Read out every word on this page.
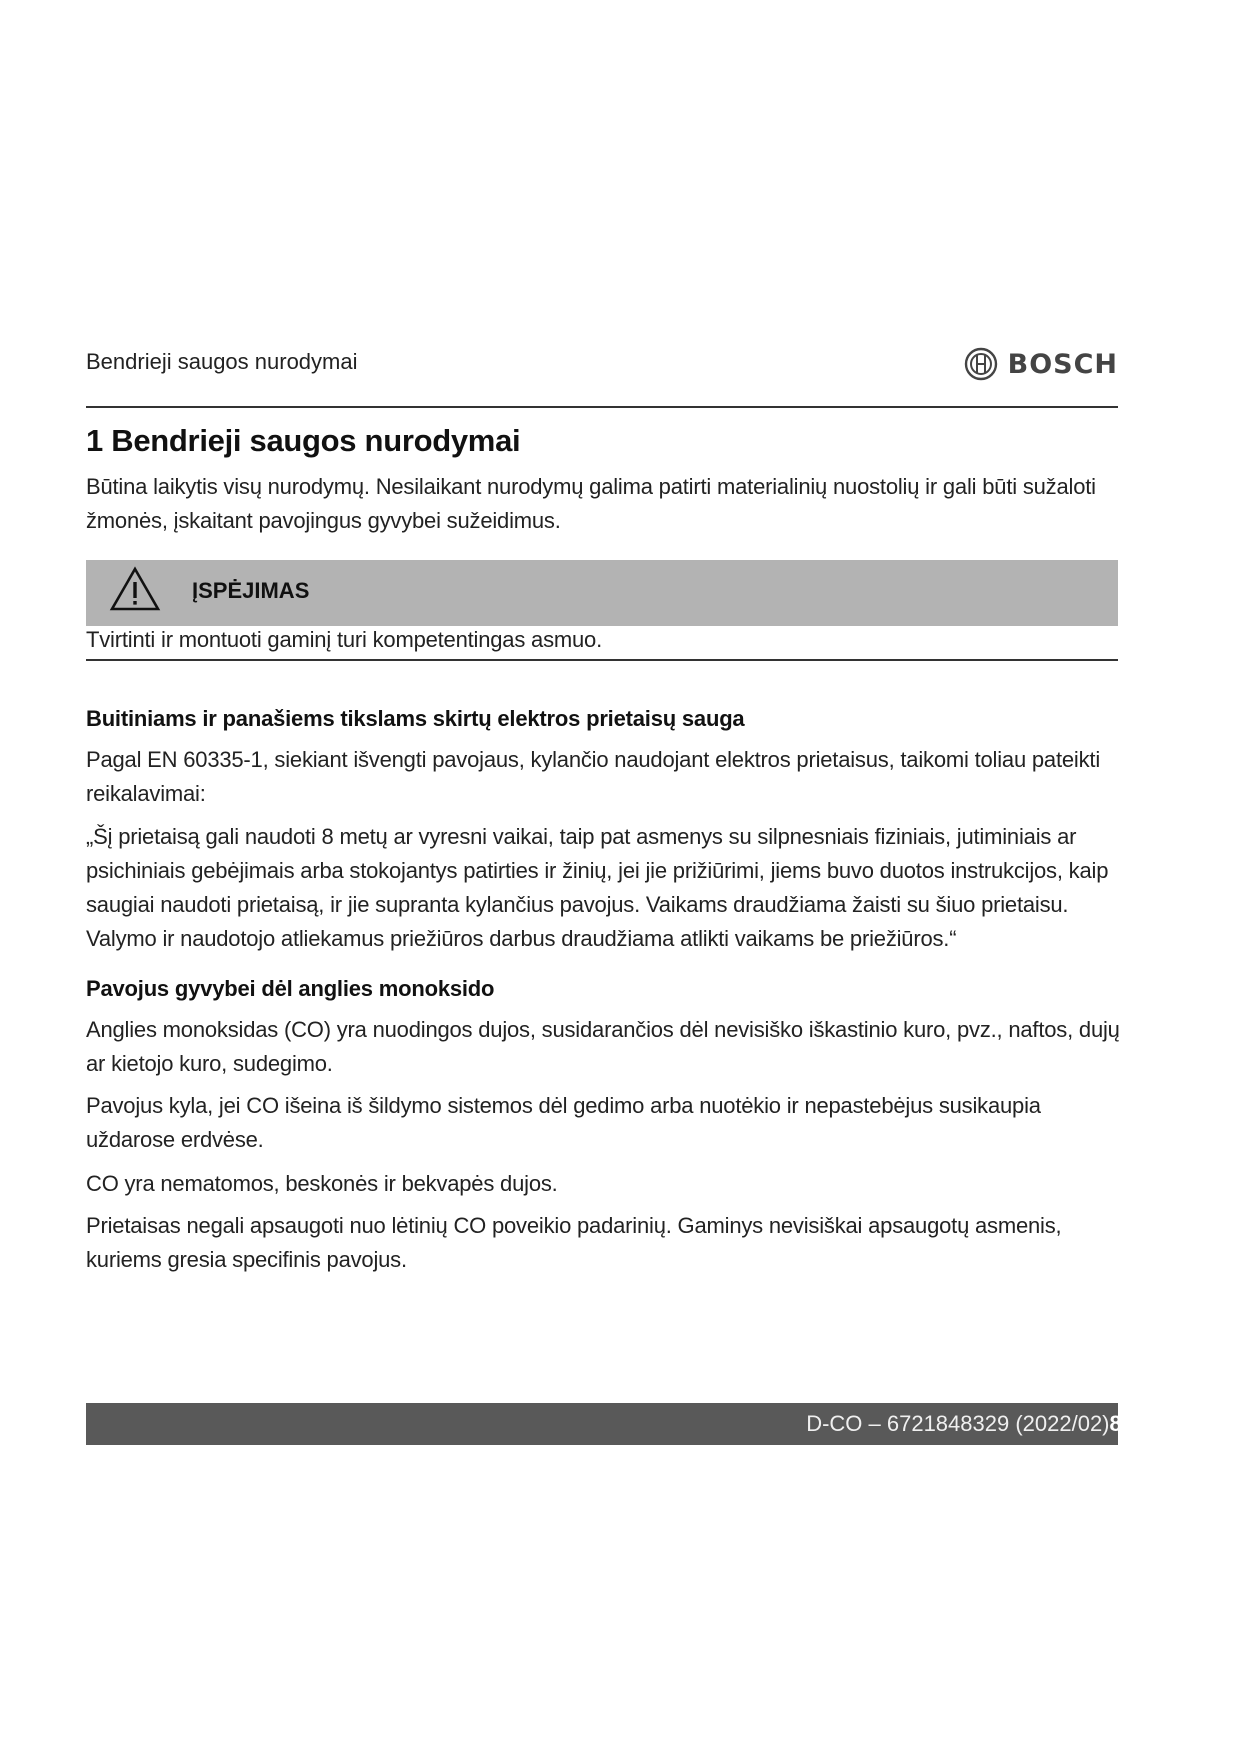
Bendrieji saugos nurodymai	BOSCH
1 Bendrieji saugos nurodymai

Būtina laikytis visų nurodymų. Nesilaikant nurodymų galima patirti materialinių nuostolių ir gali būti sužaloti žmonės, įskaitant pavojingus gyvybei sužeidimus.

ĮSPĖJIMAS

Tvirtinti ir montuoti gaminį turi kompetentingas asmuo.

Buitiniams ir panašiems tikslams skirtų elektros prietaisų sauga

Pagal EN 60335-1, siekiant išvengti pavojaus, kylančio naudojant elektros prietaisus, taikomi toliau pateikti reikalavimai:

„Šį prietaisą gali naudoti 8 metų ar vyresni vaikai, taip pat asmenys su silpnesniais fiziniais, jutiminiais ar psichiniais gebėjimais arba stokojantys patirties ir žinių, jei jie prižiūrimi, jiems buvo duotos instrukcijos, kaip saugiai naudoti prietaisą, ir jie supranta kylančius pavojus. Vaikams draudžiama žaisti su šiuo prietaisu. Valymo ir naudotojo atliekamus priežiūros darbus draudžiama atlikti vaikams be priežiūros.“

Pavojus gyvybei dėl anglies monoksido

Anglies monoksidas (CO) yra nuodingos dujos, susidarančios dėl nevisiško iškastinio kuro, pvz., naftos, dujų ar kietojo kuro, sudegimo.

Pavojus kyla, jei CO išeina iš šildymo sistemos dėl gedimo arba nuotėkio ir nepastebėjus susikaupia uždarose erdvėse.

CO yra nematomos, beskonės ir bekvapės dujos.

Prietaisas negali apsaugoti nuo lėtinių CO poveikio padarinių. Gaminys nevisiškai apsaugotų asmenis, kuriems gresia specifinis pavojus.

D-CO – 6721848329 (2022/02)80
